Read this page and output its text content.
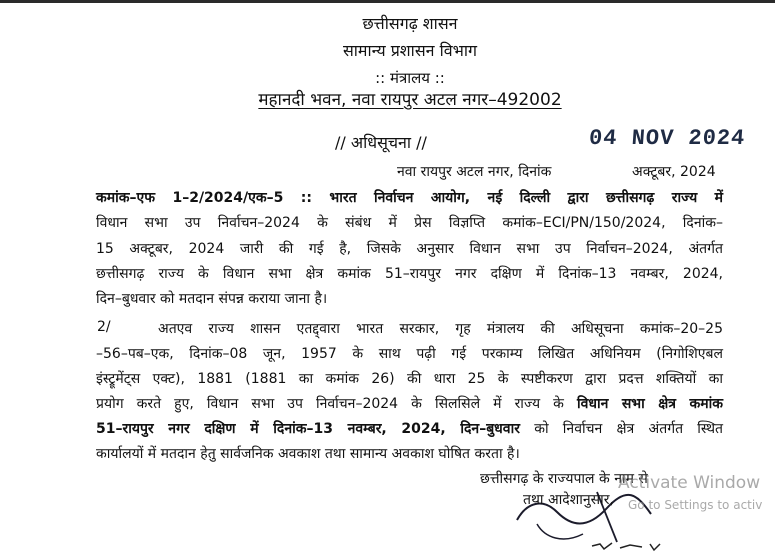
छत्तीसगढ़ शासन
सामान्य प्रशासन विभाग
:: मंत्रालय ::
महानदी भवन, नवा रायपुर अटल नगर–492002
// अधिसूचना //	04 NOV 2024
नवा रायपुर अटल नगर, दिनांक	अक्टूबर, 2024
कमांक–एफ 1–2/2024/एक–5 :: भारत निर्वाचन आयोग, नई दिल्ली द्वारा छत्तीसगढ़ राज्य में
विधान सभा उप निर्वाचन–2024 के संबंध में प्रेस विज्ञप्ति कमांक–ECI/PN/150/2024, दिनांक–
15 अक्टूबर, 2024 जारी की गई है, जिसके अनुसार विधान सभा उप निर्वाचन–2024, अंतर्गत
छत्तीसगढ़ राज्य के विधान सभा क्षेत्र कमांक 51–रायपुर नगर दक्षिण में दिनांक–13 नवम्बर, 2024,
दिन–बुधवार को मतदान संपन्न कराया जाना है।
2/	अतएव राज्य शासन एतद्द्वारा भारत सरकार, गृह मंत्रालय की अधिसूचना कमांक–20–25
–56–पब–एक, दिनांक–08 जून, 1957 के साथ पढ़ी गई परकाम्य लिखित अधिनियम (निगोशिएबल
इंस्ट्रूमेंट्स एक्ट), 1881 (1881 का कमांक 26) की धारा 25 के स्पष्टीकरण द्वारा प्रदत्त शक्तियों का
प्रयोग करते हुए, विधान सभा उप निर्वाचन–2024 के सिलसिले में राज्य के विधान सभा क्षेत्र कमांक
51–रायपुर नगर दक्षिण में दिनांक–13 नवम्बर, 2024, दिन–बुधवार को निर्वाचन क्षेत्र अंतर्गत स्थित
कार्यालयों में मतदान हेतु सार्वजनिक अवकाश तथा सामान्य अवकाश घोषित करता है।
छत्तीसगढ़ के राज्यपाल के नाम से
तथा आदेशानुसार,
Activate Window
Go to Settings to activ
